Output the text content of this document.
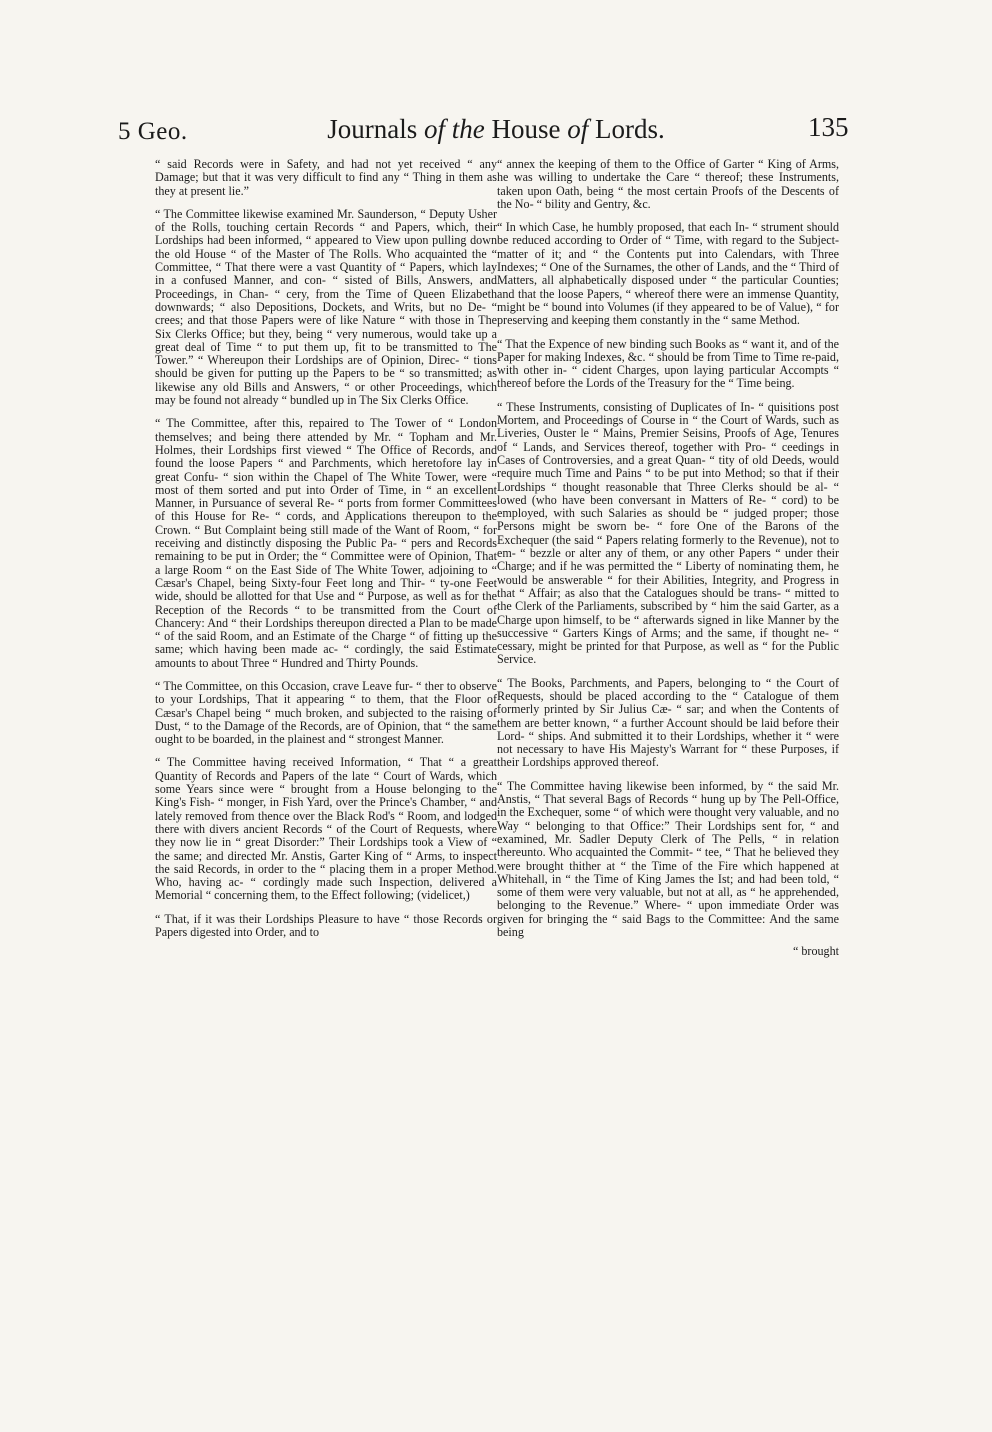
5 Geo.	Journals of the House of Lords.	135

“ said Records were in Safety, and had not yet received “ any Damage; but that it was very difficult to find any “ Thing in them as they at present lie.”

“ The Committee likewise examined Mr. Saunderson, “ Deputy Usher of the Rolls, touching certain Records “ and Papers, which, their Lordships had been informed, “ appeared to View upon pulling down the old House “ of the Master of The Rolls. Who acquainted the “ Committee, “ That there were a vast Quantity of “ Papers, which lay in a confused Manner, and con- “ sisted of Bills, Answers, and Proceedings, in Chan- “ cery, from the Time of Queen Elizabeth downwards; “ also Depositions, Dockets, and Writs, but no De- “ crees; and that those Papers were of like Nature “ with those in The Six Clerks Office; but they, being “ very numerous, would take up a great deal of Time “ to put them up, fit to be transmitted to The Tower.” “ Whereupon their Lordships are of Opinion, Direc- “ tions should be given for putting up the Papers to be “ so transmitted; as likewise any old Bills and Answers, “ or other Proceedings, which may be found not already “ bundled up in The Six Clerks Office.

“ The Committee, after this, repaired to The Tower of “ London themselves; and being there attended by Mr. “ Topham and Mr. Holmes, their Lordships first viewed “ The Office of Records, and found the loose Papers “ and Parchments, which heretofore lay in great Confu- “ sion within the Chapel of The White Tower, were “ most of them sorted and put into Order of Time, in “ an excellent Manner, in Pursuance of several Re- “ ports from former Committees of this House for Re- “ cords, and Applications thereupon to the Crown. “ But Complaint being still made of the Want of Room, “ for receiving and distinctly disposing the Public Pa- “ pers and Records remaining to be put in Order; the “ Committee were of Opinion, That a large Room “ on the East Side of The White Tower, adjoining to “ Cæsar's Chapel, being Sixty-four Feet long and Thir- “ ty-one Feet wide, should be allotted for that Use and “ Purpose, as well as for the Reception of the Records “ to be transmitted from the Court of Chancery: And “ their Lordships thereupon directed a Plan to be made “ of the said Room, and an Estimate of the Charge “ of fitting up the same; which having been made ac- “ cordingly, the said Estimate amounts to about Three “ Hundred and Thirty Pounds.

“ The Committee, on this Occasion, crave Leave fur- “ ther to observe to your Lordships, That it appearing “ to them, that the Floor of Cæsar's Chapel being “ much broken, and subjected to the raising of Dust, “ to the Damage of the Records, are of Opinion, that “ the same ought to be boarded, in the plainest and “ strongest Manner.

“ The Committee having received Information, “ That “ a great Quantity of Records and Papers of the late “ Court of Wards, which some Years since were “ brought from a House belonging to the King's Fish- “ monger, in Fish Yard, over the Prince's Chamber, “ and lately removed from thence over the Black Rod's “ Room, and lodged there with divers ancient Records “ of the Court of Requests, where they now lie in “ great Disorder:” Their Lordships took a View of “ the same; and directed Mr. Anstis, Garter King of “ Arms, to inspect the said Records, in order to the “ placing them in a proper Method. Who, having ac- “ cordingly made such Inspection, delivered a Memorial “ concerning them, to the Effect following; (videlicet,)

“ That, if it was their Lordships Pleasure to have “ those Records or Papers digested into Order, and to

“ annex the keeping of them to the Office of Garter “ King of Arms, he was willing to undertake the Care “ thereof; these Instruments, taken upon Oath, being “ the most certain Proofs of the Descents of the No- “ bility and Gentry, &c.

“ In which Case, he humbly proposed, that each In- “ strument should be reduced according to Order of “ Time, with regard to the Subject-matter of it; and “ the Contents put into Calendars, with Three Indexes; “ One of the Surnames, the other of Lands, and the “ Third of Matters, all alphabetically disposed under “ the particular Counties; and that the loose Papers, “ whereof there were an immense Quantity, might be “ bound into Volumes (if they appeared to be of Value), “ for preserving and keeping them constantly in the “ same Method.

“ That the Expence of new binding such Books as “ want it, and of the Paper for making Indexes, &c. “ should be from Time to Time re-paid, with other in- “ cident Charges, upon laying particular Accompts “ thereof before the Lords of the Treasury for the “ Time being.

“ These Instruments, consisting of Duplicates of In- “ quisitions post Mortem, and Proceedings of Course in “ the Court of Wards, such as Liveries, Ouster le “ Mains, Premier Seisins, Proofs of Age, Tenures of “ Lands, and Services thereof, together with Pro- “ ceedings in Cases of Controversies, and a great Quan- “ tity of old Deeds, would require much Time and Pains “ to be put into Method; so that if their Lordships “ thought reasonable that Three Clerks should be al- “ lowed (who have been conversant in Matters of Re- “ cord) to be employed, with such Salaries as should be “ judged proper; those Persons might be sworn be- “ fore One of the Barons of the Exchequer (the said “ Papers relating formerly to the Revenue), not to em- “ bezzle or alter any of them, or any other Papers “ under their Charge; and if he was permitted the “ Liberty of nominating them, he would be answerable “ for their Abilities, Integrity, and Progress in that “ Affair; as also that the Catalogues should be trans- “ mitted to the Clerk of the Parliaments, subscribed by “ him the said Garter, as a Charge upon himself, to be “ afterwards signed in like Manner by the successive “ Garters Kings of Arms; and the same, if thought ne- “ cessary, might be printed for that Purpose, as well as “ for the Public Service.

“ The Books, Parchments, and Papers, belonging to “ the Court of Requests, should be placed according to the “ Catalogue of them formerly printed by Sir Julius Cæ- “ sar; and when the Contents of them are better known, “ a further Account should be laid before their Lord- “ ships. And submitted it to their Lordships, whether it “ were not necessary to have His Majesty's Warrant for “ these Purposes, if their Lordships approved thereof.

“ The Committee having likewise been informed, by “ the said Mr. Anstis, “ That several Bags of Records “ hung up by The Pell-Office, in the Exchequer, some “ of which were thought very valuable, and no Way “ belonging to that Office:” Their Lordships sent for, “ and examined, Mr. Sadler Deputy Clerk of The Pells, “ in relation thereunto. Who acquainted the Commit- “ tee, “ That he believed they were brought thither at “ the Time of the Fire which happened at Whitehall, in “ the Time of King James the Ist; and had been told, “ some of them were very valuable, but not at all, as “ he apprehended, belonging to the Revenue.” Where- “ upon immediate Order was given for bringing the “ said Bags to the Committee: And the same being

“ brought
